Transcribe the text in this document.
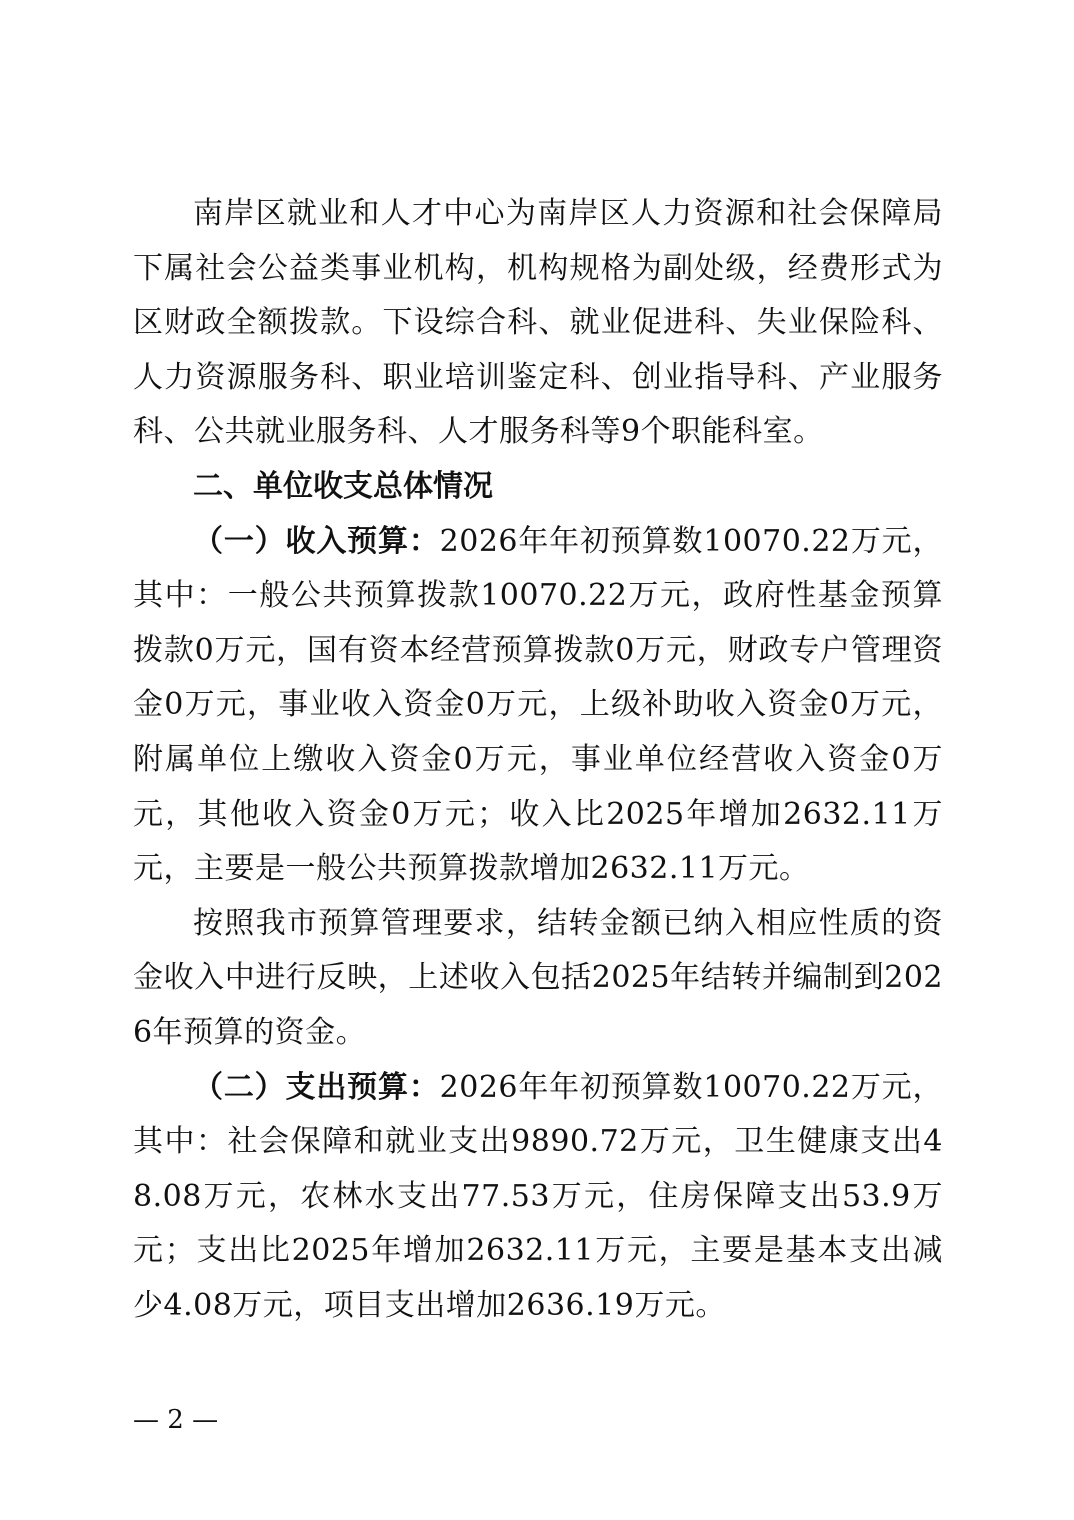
南岸区就业和人才中心为南岸区人力资源和社会保障局下属社会公益类事业机构，机构规格为副处级，经费形式为区财政全额拨款。下设综合科、就业促进科、失业保险科、人力资源服务科、职业培训鉴定科、创业指导科、产业服务科、公共就业服务科、人才服务科等9个职能科室。

二、单位收支总体情况

（一）收入预算：2026年年初预算数10070.22万元，其中：一般公共预算拨款10070.22万元，政府性基金预算拨款0万元，国有资本经营预算拨款0万元，财政专户管理资金0万元，事业收入资金0万元，上级补助收入资金0万元，附属单位上缴收入资金0万元，事业单位经营收入资金0万元，其他收入资金0万元；收入比2025年增加2632.11万元，主要是一般公共预算拨款增加2632.11万元。

按照我市预算管理要求，结转金额已纳入相应性质的资金收入中进行反映，上述收入包括2025年结转并编制到2026年预算的资金。

（二）支出预算：2026年年初预算数10070.22万元，其中：社会保障和就业支出9890.72万元，卫生健康支出48.08万元，农林水支出77.53万元，住房保障支出53.9万元；支出比2025年增加2632.11万元，主要是基本支出减少4.08万元，项目支出增加2636.19万元。

— 2 —
